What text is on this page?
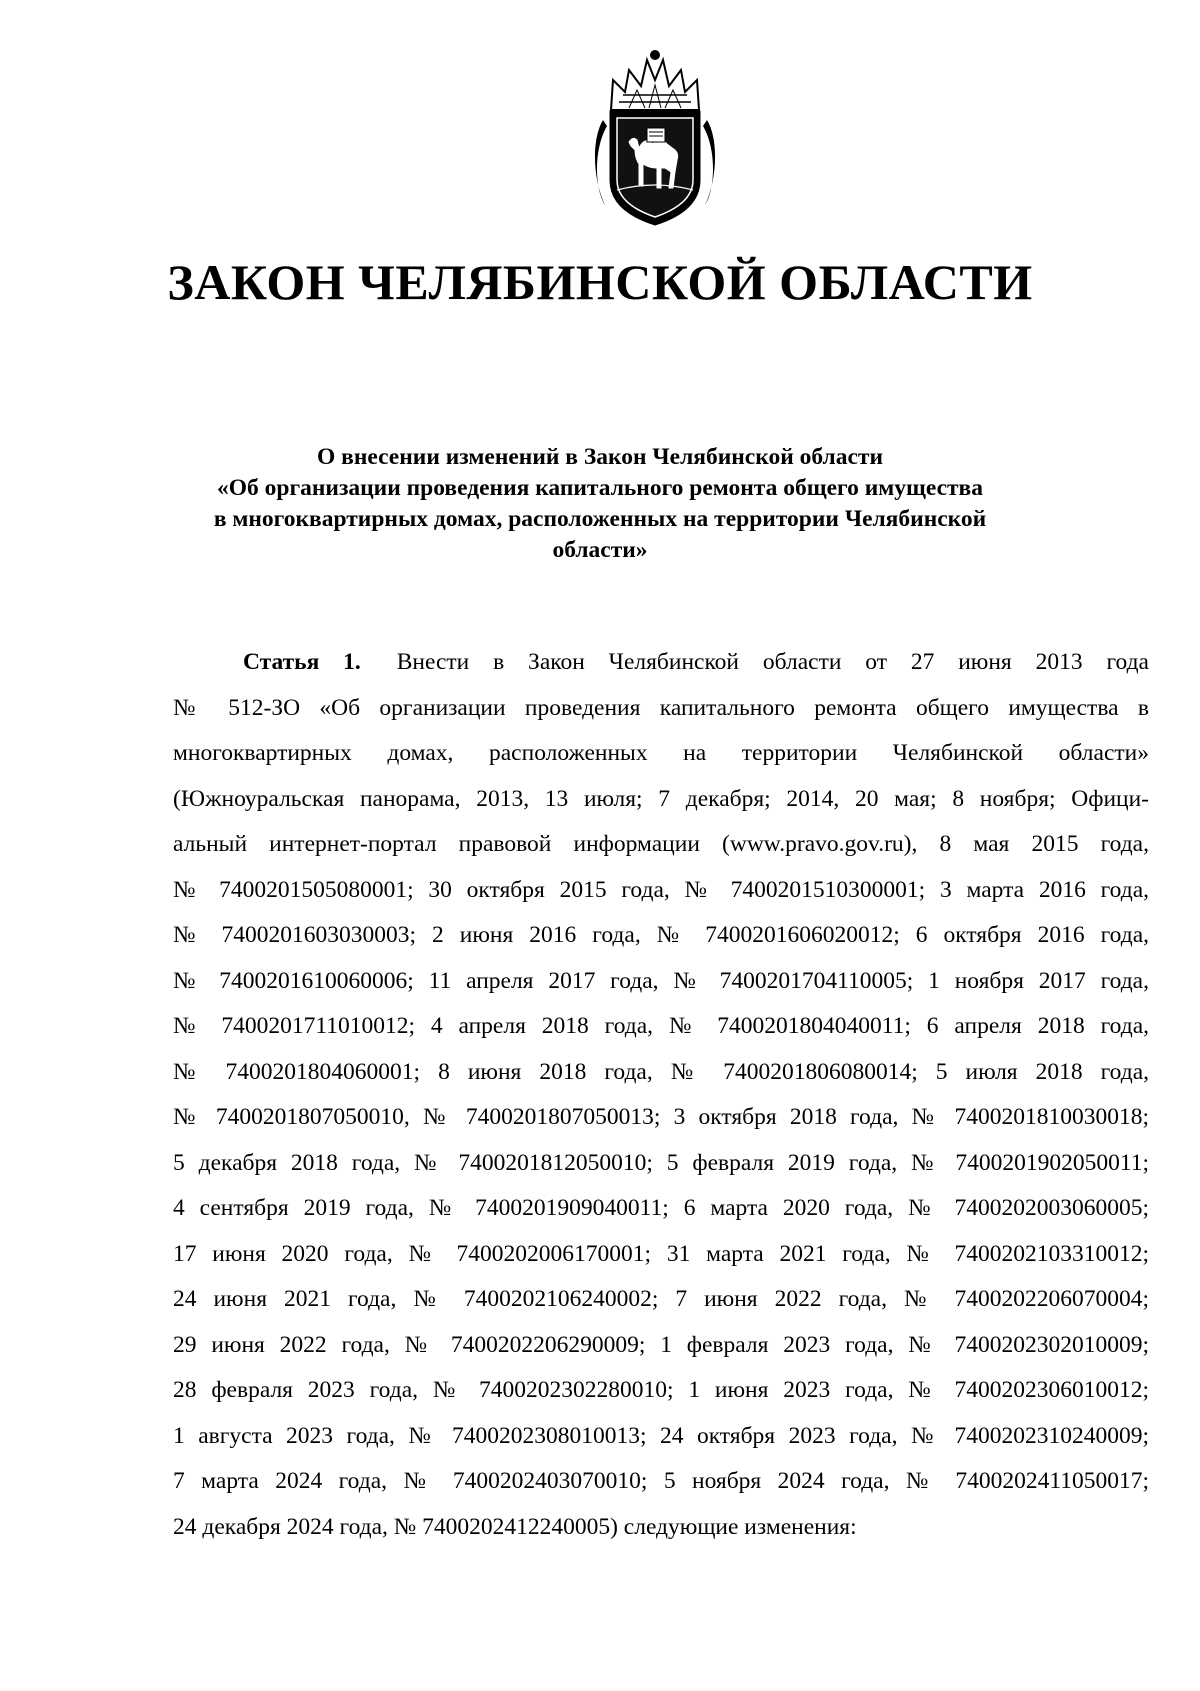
ЗАКОН ЧЕЛЯБИНСКОЙ ОБЛАСТИ
О внесении изменений в Закон Челябинской области
«Об организации проведения капитального ремонта общего имущества
в многоквартирных домах, расположенных на территории Челябинской
области»
Статья 1. Внести в Закон Челябинской области от 27 июня 2013 года
№ 512-ЗО «Об организации проведения капитального ремонта общего имущества в
многоквартирных домах, расположенных на территории Челябинской области»
(Южноуральская панорама, 2013, 13 июля; 7 декабря; 2014, 20 мая; 8 ноября; Офици-
альный интернет-портал правовой информации (www.pravo.gov.ru), 8 мая 2015 года,
№ 7400201505080001; 30 октября 2015 года, № 7400201510300001; 3 марта 2016 года,
№ 7400201603030003; 2 июня 2016 года, № 7400201606020012; 6 октября 2016 года,
№ 7400201610060006; 11 апреля 2017 года, № 7400201704110005; 1 ноября 2017 года,
№ 7400201711010012; 4 апреля 2018 года, № 7400201804040011; 6 апреля 2018 года,
№ 7400201804060001; 8 июня 2018 года, № 7400201806080014; 5 июля 2018 года,
№ 7400201807050010, № 7400201807050013; 3 октября 2018 года, № 7400201810030018;
5 декабря 2018 года, № 7400201812050010; 5 февраля 2019 года, № 7400201902050011;
4 сентября 2019 года, № 7400201909040011; 6 марта 2020 года, № 7400202003060005;
17 июня 2020 года, № 7400202006170001; 31 марта 2021 года, № 7400202103310012;
24 июня 2021 года, № 7400202106240002; 7 июня 2022 года, № 7400202206070004;
29 июня 2022 года, № 7400202206290009; 1 февраля 2023 года, № 7400202302010009;
28 февраля 2023 года, № 7400202302280010; 1 июня 2023 года, № 7400202306010012;
1 августа 2023 года, № 7400202308010013; 24 октября 2023 года, № 7400202310240009;
7 марта 2024 года, № 7400202403070010; 5 ноября 2024 года, № 7400202411050017;
24 декабря 2024 года, № 7400202412240005) следующие изменения:
